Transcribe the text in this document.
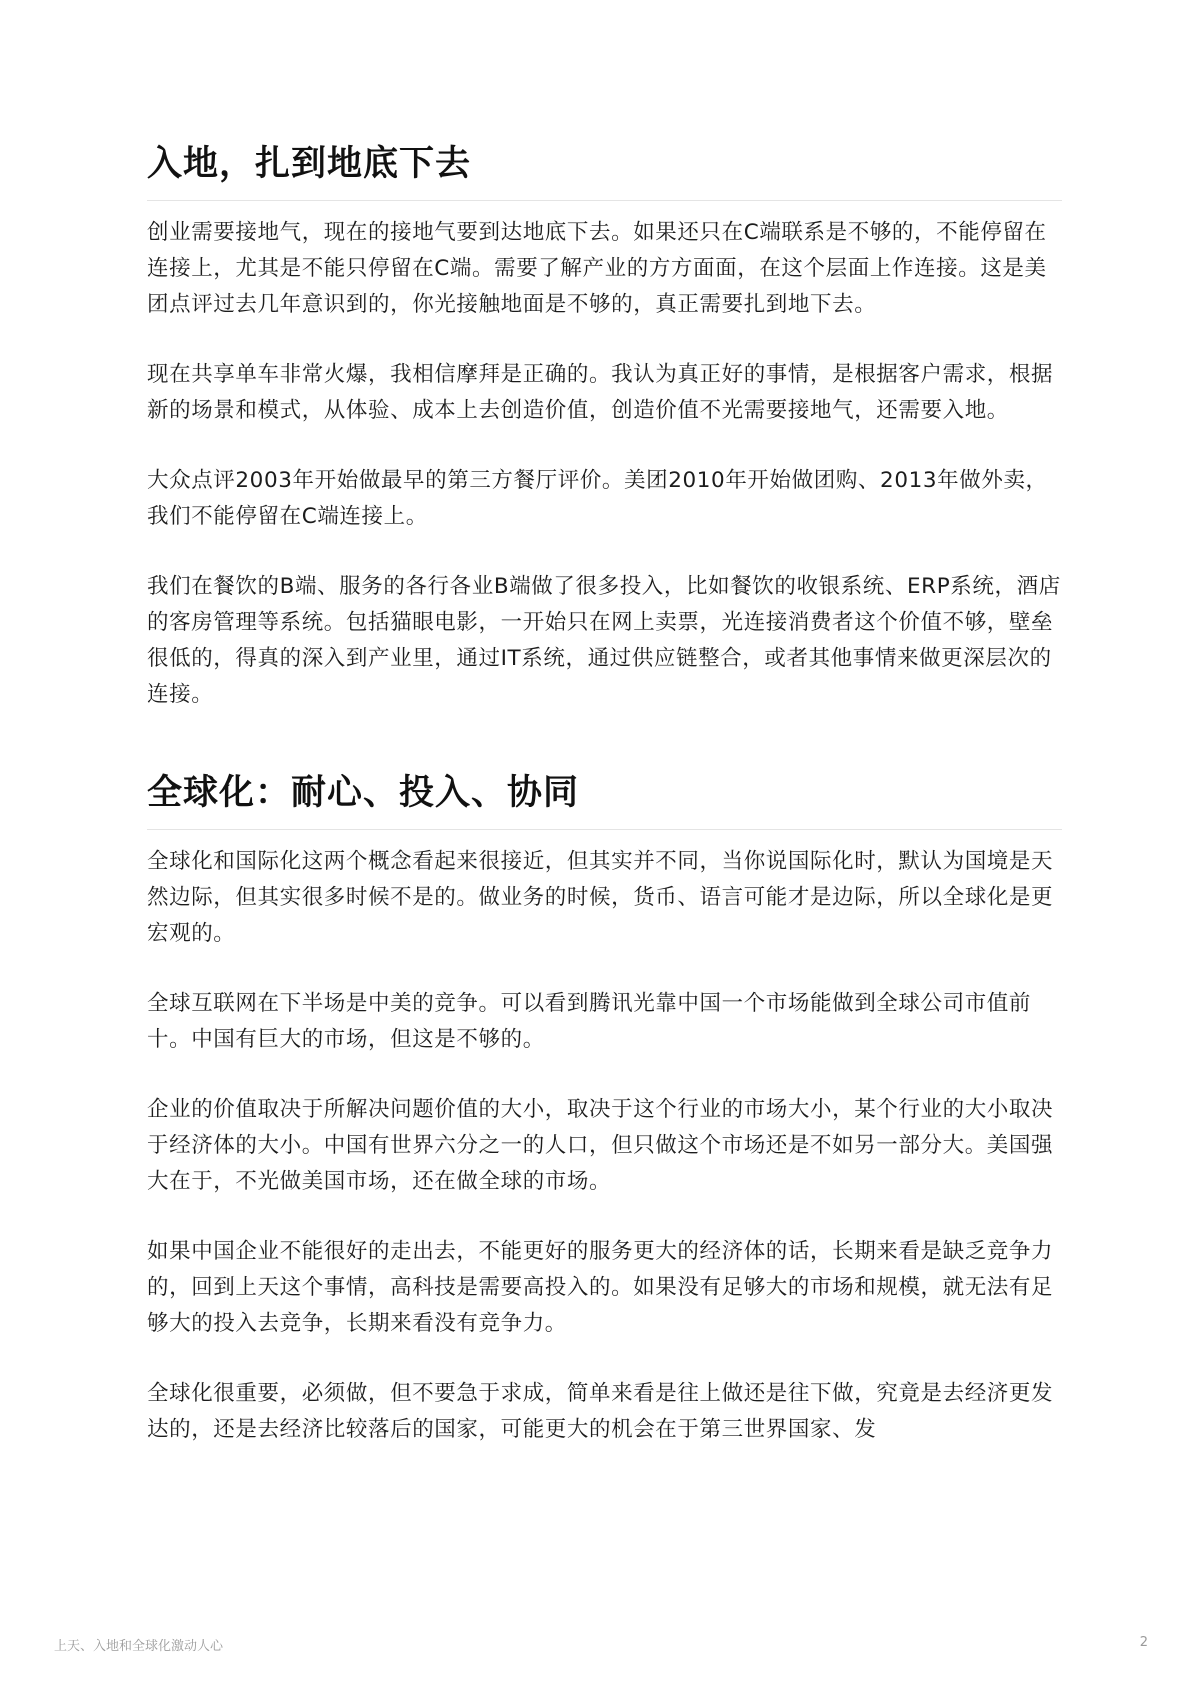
入地，扎到地底下去

创业需要接地气，现在的接地气要到达地底下去。如果还只在C端联系是不够的，不能停留在连接上，尤其是不能只停留在C端。需要了解产业的方方面面，在这个层面上作连接。这是美团点评过去几年意识到的，你光接触地面是不够的，真正需要扎到地下去。

现在共享单车非常火爆，我相信摩拜是正确的。我认为真正好的事情，是根据客户需求，根据新的场景和模式，从体验、成本上去创造价值，创造价值不光需要接地气，还需要入地。

大众点评2003年开始做最早的第三方餐厅评价。美团2010年开始做团购、2013年做外卖，我们不能停留在C端连接上。

我们在餐饮的B端、服务的各行各业B端做了很多投入，比如餐饮的收银系统、ERP系统，酒店的客房管理等系统。包括猫眼电影，一开始只在网上卖票，光连接消费者这个价值不够，壁垒很低的，得真的深入到产业里，通过IT系统，通过供应链整合，或者其他事情来做更深层次的连接。

全球化：耐心、投入、协同

全球化和国际化这两个概念看起来很接近，但其实并不同，当你说国际化时，默认为国境是天然边际，但其实很多时候不是的。做业务的时候，货币、语言可能才是边际，所以全球化是更宏观的。

全球互联网在下半场是中美的竞争。可以看到腾讯光靠中国一个市场能做到全球公司市值前十。中国有巨大的市场，但这是不够的。

企业的价值取决于所解决问题价值的大小，取决于这个行业的市场大小，某个行业的大小取决于经济体的大小。中国有世界六分之一的人口，但只做这个市场还是不如另一部分大。美国强大在于，不光做美国市场，还在做全球的市场。

如果中国企业不能很好的走出去，不能更好的服务更大的经济体的话，长期来看是缺乏竞争力的，回到上天这个事情，高科技是需要高投入的。如果没有足够大的市场和规模，就无法有足够大的投入去竞争，长期来看没有竞争力。

全球化很重要，必须做，但不要急于求成，简单来看是往上做还是往下做，究竟是去经济更发达的，还是去经济比较落后的国家，可能更大的机会在于第三世界国家、发

上天、入地和全球化激动人心	2
